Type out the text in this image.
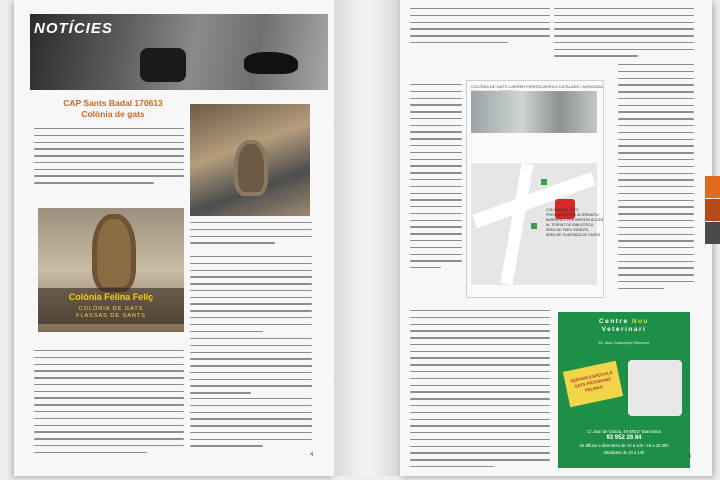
NOTÍCIES
CAP Sants Badal 170613
Colònia de gats
Colònia Felina Feliç
COLÒNIA DE GATS
FLASSAS DE SANTS
4
COLÒNIA DE GATS CARRER FERROCARRILS CATALANS / AVINGUDA
COLÒNIA DE GATS
PREVISIÓ ACCÉS ALTERNATIU
BARRERES PER IMPEDIR ACCÉS
AL TERRAT DE BIBLIOTECA
ÀREA DE PARC INFANTIL
ÀREA DE PLANTADA DE CASES
Centre Nou
Veterinari
Dr. Alan Calaceyxd Slimoure
SERVEIS ESPECIALS GATS PROGRAMS FELINAS
C/ Joan de Gràcia, 49 08017 Barcelona
93 952 26 84
de dilluns a divendres de 10 a 14h i 16 a 20.30h
dissabtes de 10 a 14h
5
